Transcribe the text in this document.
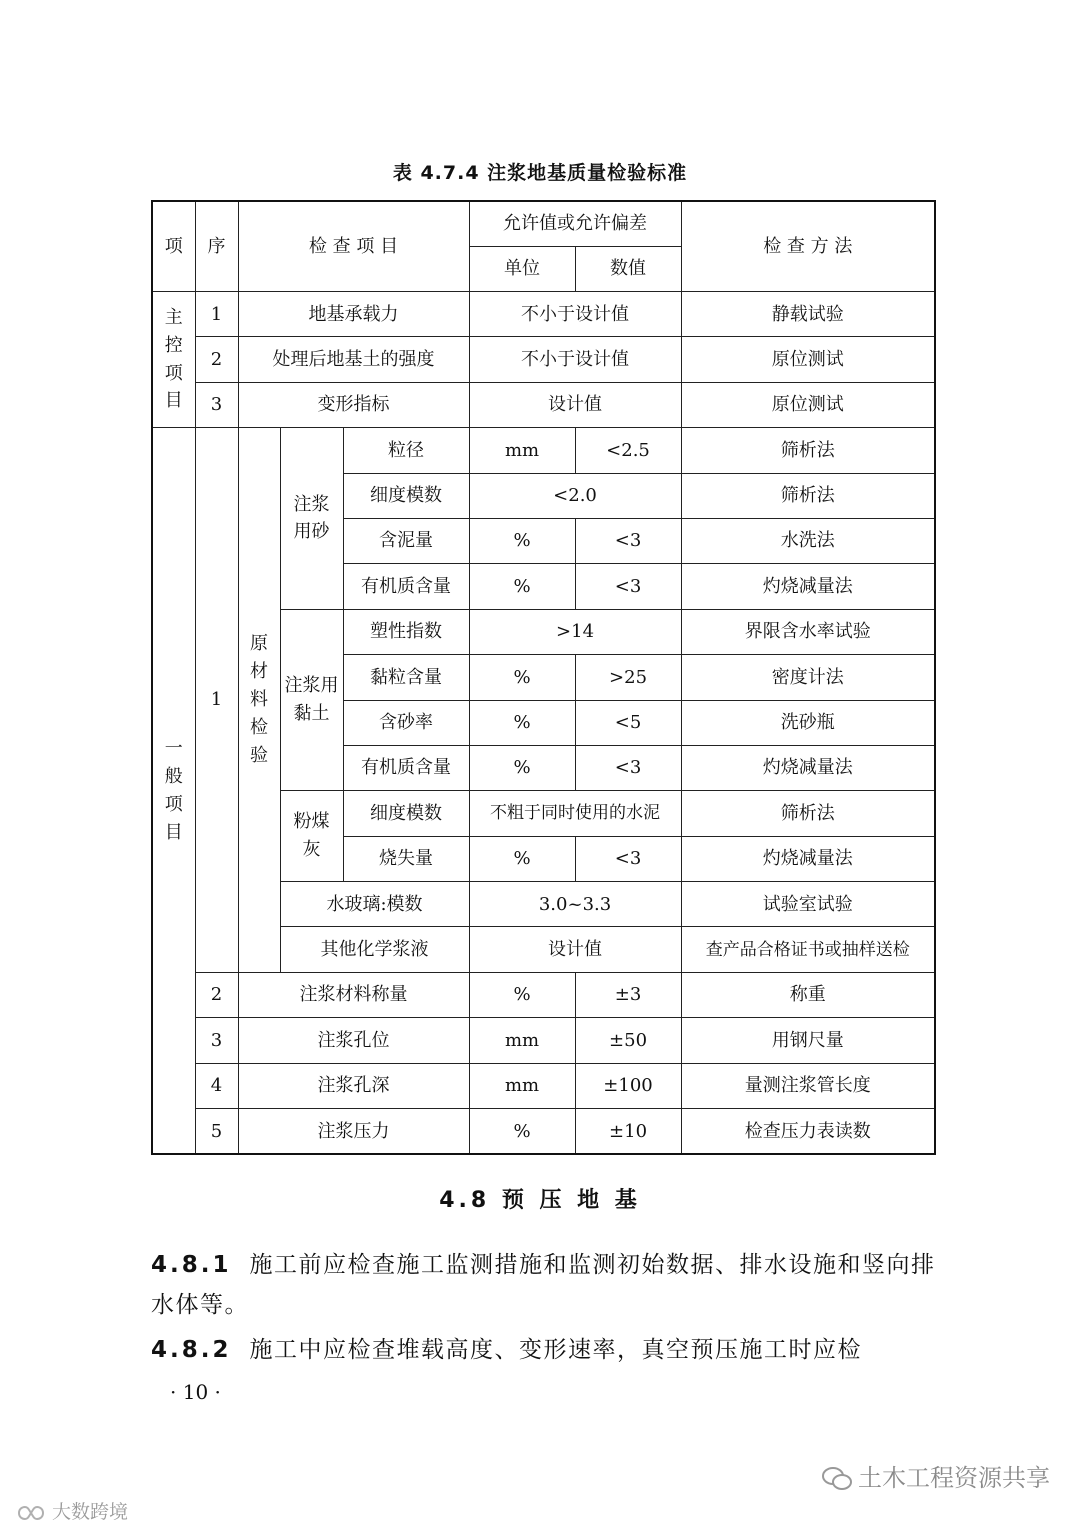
表 4.7.4 注浆地基质量检验标准
项	序	检 查 项 目			允许值或允许偏差		检 查 方 法
					单位	数值	
主控项目	1	地基承载力			不小于设计值		静载试验
	2	处理后地基土的强度			不小于设计值		原位测试
	3	变形指标			设计值		原位测试
一般项目	1	原材料检验	注浆用砂	粒径	mm	<2.5	筛析法
				细度模数	<2.0		筛析法
				含泥量	%	<3	水洗法
				有机质含量	%	<3	灼烧减量法
			注浆用黏土	塑性指数	>14		界限含水率试验
				黏粒含量	%	>25	密度计法
				含砂率	%	<5	洗砂瓶
				有机质含量	%	<3	灼烧减量法
			粉煤灰	细度模数	不粗于同时使用的水泥		筛析法
				烧失量	%	<3	灼烧减量法
			水玻璃:模数		3.0~3.3		试验室试验
			其他化学浆液		设计值		查产品合格证书或抽样送检
	2	注浆材料称量			%	±3	称重
	3	注浆孔位			mm	±50	用钢尺量
	4	注浆孔深			mm	±100	量测注浆管长度
	5	注浆压力			%	±10	检查压力表读数
4.8 预 压 地 基
4.8.1 施工前应检查施工监测措施和监测初始数据、排水设施和竖向排水体等。
4.8.2 施工中应检查堆载高度、变形速率，真空预压施工时应检
· 10 ·
大数跨境
土木工程资源共享
